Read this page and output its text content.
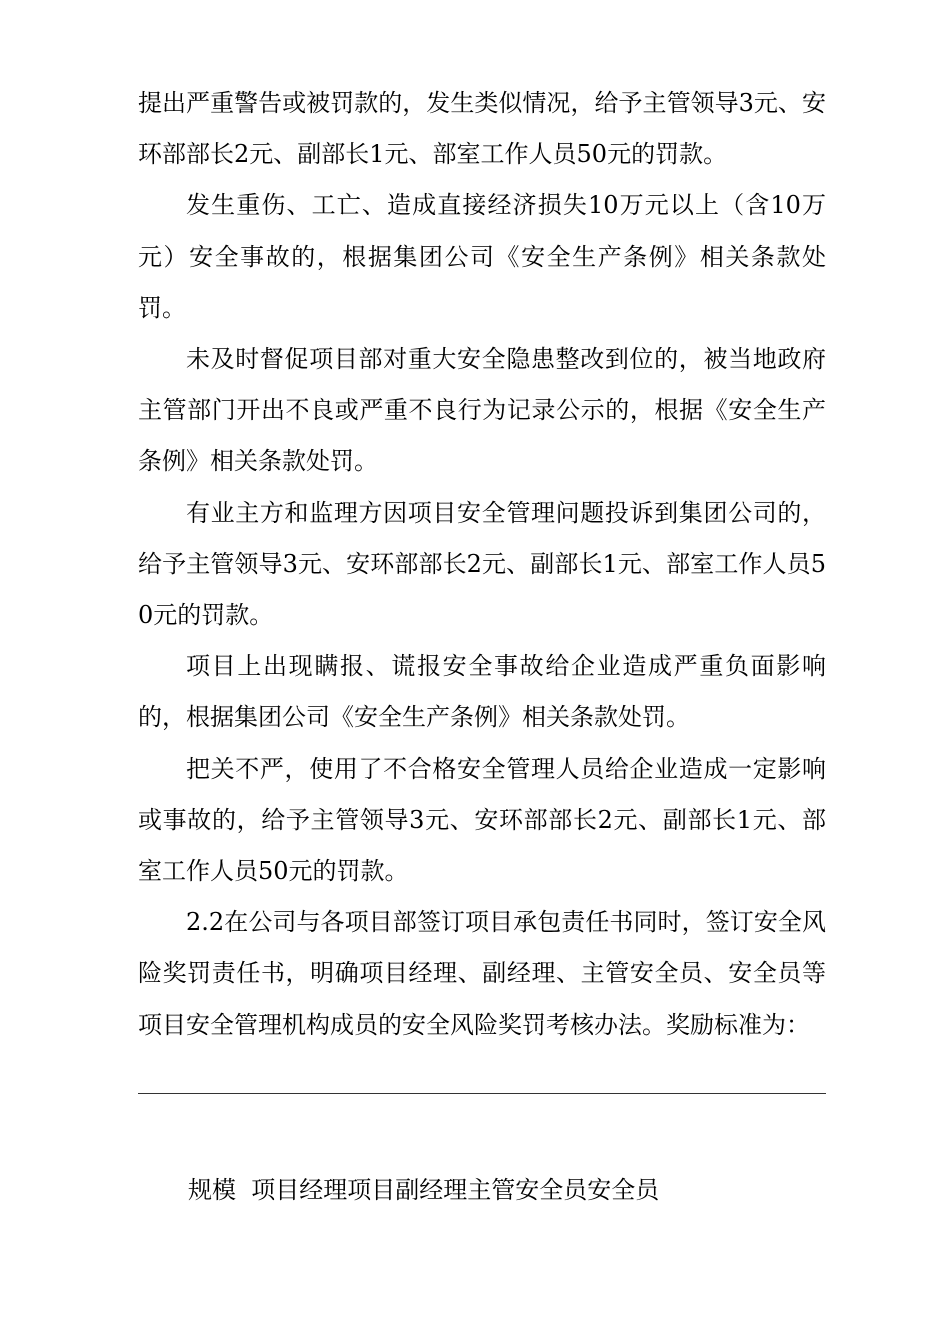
提出严重警告或被罚款的，发生类似情况，给予主管领导3元、安环部部长2元、副部长1元、部室工作人员50元的罚款。

发生重伤、工亡、造成直接经济损失10万元以上（含10万元）安全事故的，根据集团公司《安全生产条例》相关条款处罚。

未及时督促项目部对重大安全隐患整改到位的，被当地政府主管部门开出不良或严重不良行为记录公示的，根据《安全生产条例》相关条款处罚。

有业主方和监理方因项目安全管理问题投诉到集团公司的，给予主管领导3元、安环部部长2元、副部长1元、部室工作人员50元的罚款。

项目上出现瞒报、谎报安全事故给企业造成严重负面影响的，根据集团公司《安全生产条例》相关条款处罚。

把关不严，使用了不合格安全管理人员给企业造成一定影响或事故的，给予主管领导3元、安环部部长2元、副部长1元、部室工作人员50元的罚款。

2.2在公司与各项目部签订项目承包责任书同时，签订安全风险奖罚责任书，明确项目经理、副经理、主管安全员、安全员等项目安全管理机构成员的安全风险奖罚考核办法。奖励标准为：

规模  项目经理项目副经理主管安全员安全员
